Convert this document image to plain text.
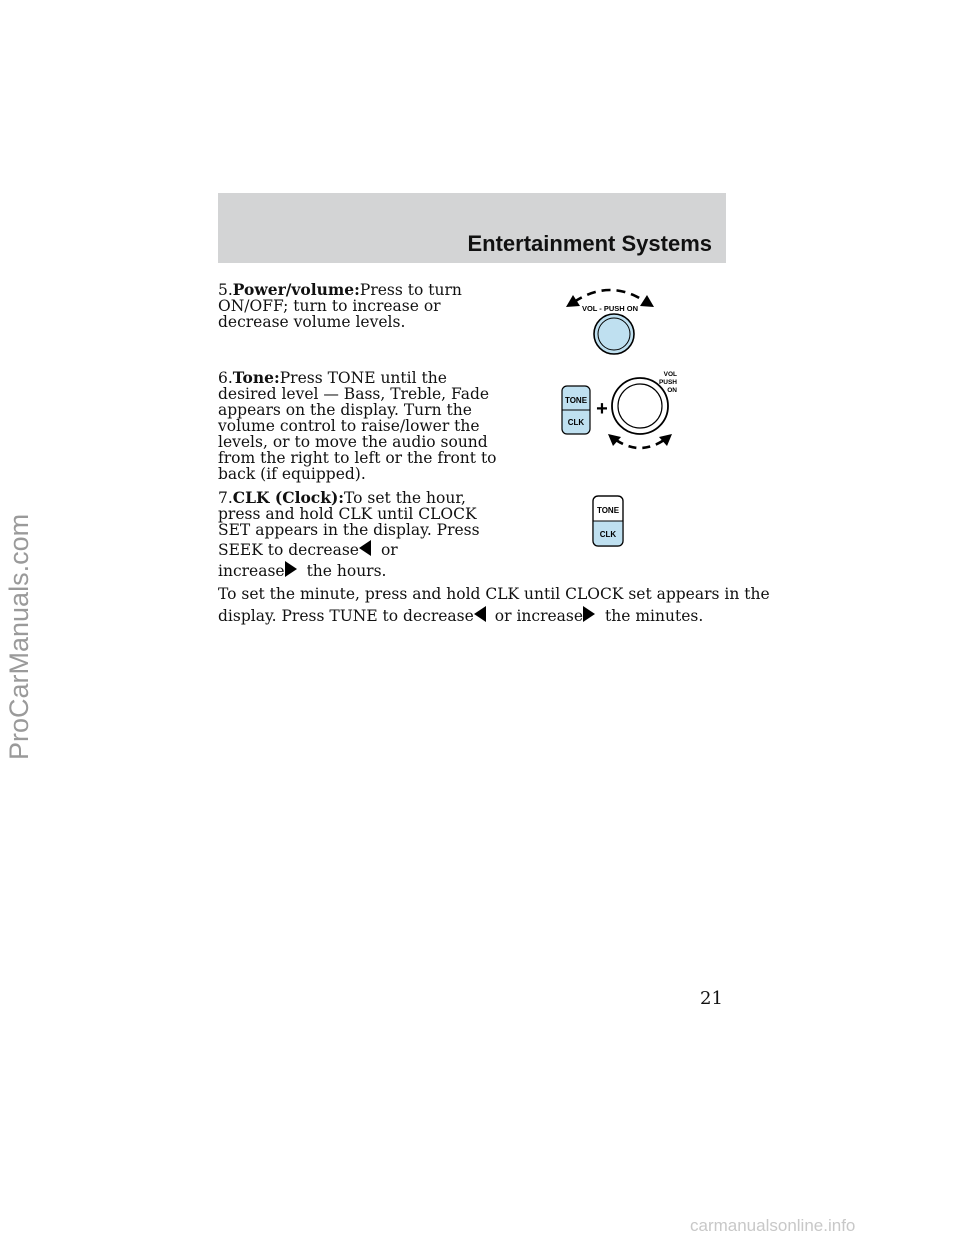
Entertainment Systems
5.Power/volume:Press to turn
ON/OFF; turn to increase or
decrease volume levels.
6.Tone:Press TONE until the
desired level — Bass, Treble, Fade
appears on the display. Turn the
volume control to raise/lower the
levels, or to move the audio sound
from the right to left or the front to
back (if equipped).
7.CLK (Clock):To set the hour,
press and hold CLK until CLOCK
SET appears in the display. Press
SEEK to decrease or
increase the hours.
To set the minute, press and hold CLK until CLOCK set appears in the
display. Press TUNE to decrease or increase the minutes.
VOL - PUSH ON
TONE
CLK
+
VOL
PUSH
ON
TONE
CLK
21
ProCarManuals.com
carmanualsonline.info
